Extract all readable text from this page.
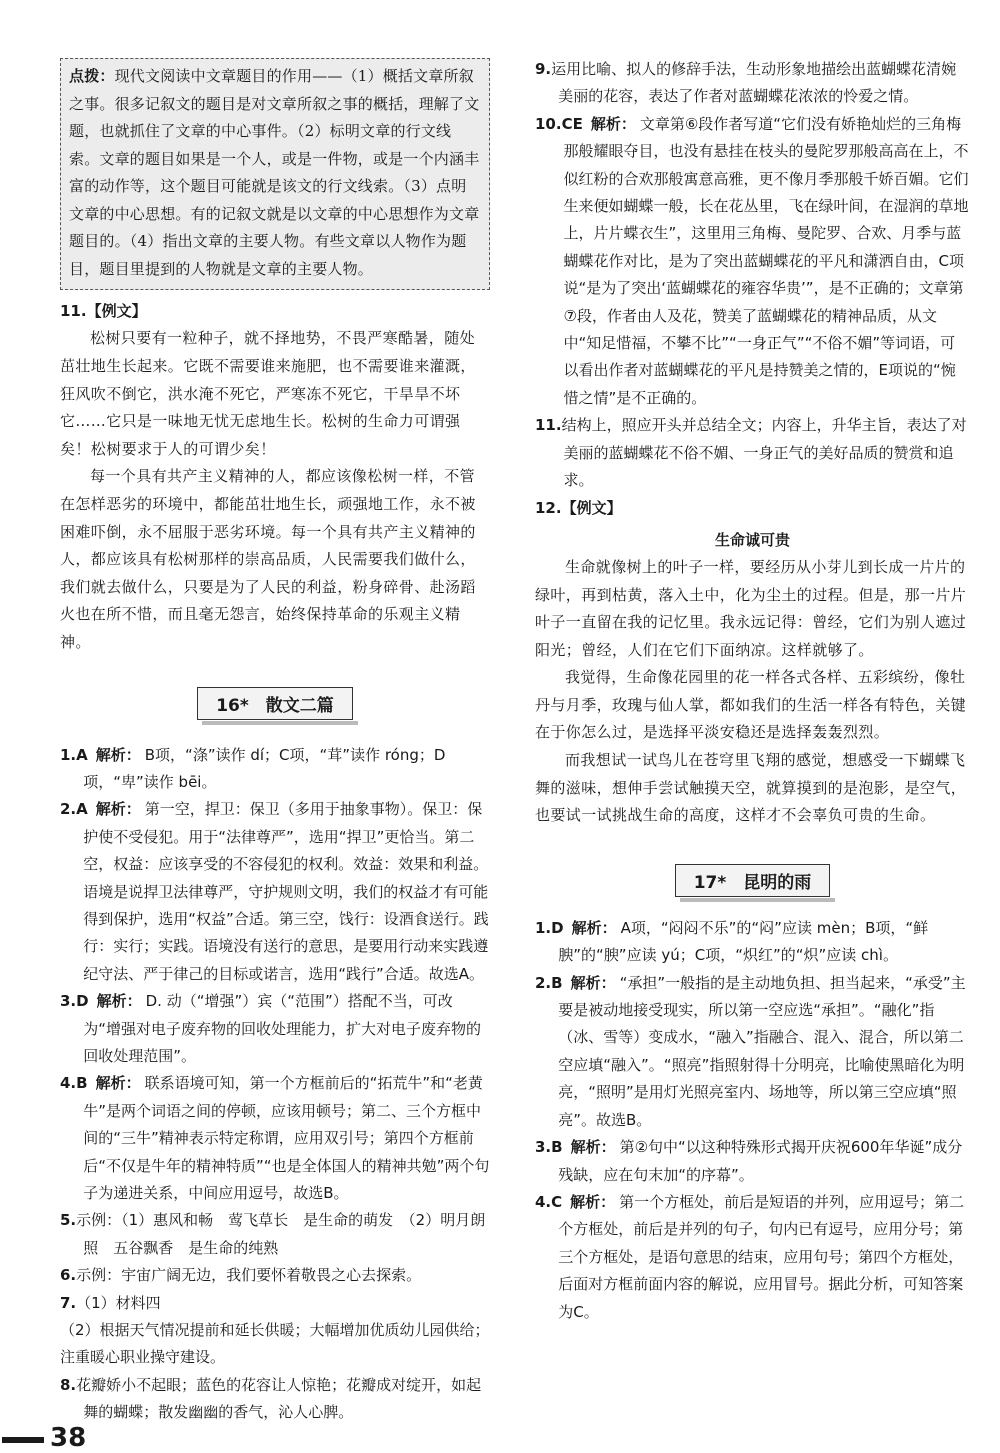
点拨：现代文阅读中文章题目的作用——（1）概括文章所叙之事。很多记叙文的题目是对文章所叙之事的概括，理解了文题，也就抓住了文章的中心事件。（2）标明文章的行文线索。文章的题目如果是一个人，或是一件物，或是一个内涵丰富的动作等，这个题目可能就是该文的行文线索。（3）点明文章的中心思想。有的记叙文就是以文章的中心思想作为文章题目的。（4）指出文章的主要人物。有些文章以人物作为题目，题目里提到的人物就是文章的主要人物。

11.【例文】

松树只要有一粒种子，就不择地势，不畏严寒酷暑，随处茁壮地生长起来。它既不需要谁来施肥，也不需要谁来灌溉，狂风吹不倒它，洪水淹不死它，严寒冻不死它，干旱旱不坏它……它只是一味地无忧无虑地生长。松树的生命力可谓强矣！松树要求于人的可谓少矣！

每一个具有共产主义精神的人，都应该像松树一样，不管在怎样恶劣的环境中，都能茁壮地生长，顽强地工作，永不被困难吓倒，永不屈服于恶劣环境。每一个具有共产主义精神的人，都应该具有松树那样的崇高品质，人民需要我们做什么，我们就去做什么，只要是为了人民的利益，粉身碎骨、赴汤蹈火也在所不惜，而且毫无怨言，始终保持革命的乐观主义精神。

16*　散文二篇

1.A 解析： B项，“涤”读作 dí；C项，“茸”读作 róng；D项，“卑”读作 bēi。

2.A 解析： 第一空，捍卫：保卫（多用于抽象事物）。保卫：保护使不受侵犯。用于“法律尊严”，选用“捍卫”更恰当。第二空，权益：应该享受的不容侵犯的权利。效益：效果和利益。语境是说捍卫法律尊严，守护规则文明，我们的权益才有可能得到保护，选用“权益”合适。第三空，饯行：设酒食送行。践行：实行；实践。语境没有送行的意思，是要用行动来实践遵纪守法、严于律己的目标或诺言，选用“践行”合适。故选A。

3.D 解析： D. 动（“增强”）宾（“范围”）搭配不当，可改为“增强对电子废弃物的回收处理能力，扩大对电子废弃物的回收处理范围”。

4.B 解析： 联系语境可知，第一个方框前后的“拓荒牛”和“老黄牛”是两个词语之间的停顿，应该用顿号；第二、三个方框中间的“三牛”精神表示特定称谓，应用双引号；第四个方框前后“不仅是牛年的精神特质”“也是全体国人的精神共勉”两个句子为递进关系，中间应用逗号，故选B。

5.示例：（1）惠风和畅　莺飞草长　是生命的萌发　（2）明月朗照　五谷飘香　是生命的纯熟

6.示例：宇宙广阔无边，我们要怀着敬畏之心去探索。

7.（1）材料四

（2）根据天气情况提前和延长供暖；大幅增加优质幼儿园供给；注重暖心职业操守建设。

8.花瓣娇小不起眼；蓝色的花容让人惊艳；花瓣成对绽开，如起舞的蝴蝶；散发幽幽的香气，沁人心脾。

38

9.运用比喻、拟人的修辞手法，生动形象地描绘出蓝蝴蝶花清婉美丽的花容，表达了作者对蓝蝴蝶花浓浓的怜爱之情。

10.CE 解析： 文章第⑥段作者写道“它们没有娇艳灿烂的三角梅那般耀眼夺目，也没有悬挂在枝头的曼陀罗那般高高在上，不似红粉的合欢那般寓意高雅，更不像月季那般千娇百媚。它们生来便如蝴蝶一般，长在花丛里，飞在绿叶间，在湿润的草地上，片片蝶衣生”，这里用三角梅、曼陀罗、合欢、月季与蓝蝴蝶花作对比，是为了突出蓝蝴蝶花的平凡和潇洒自由，C项说“是为了突出‘蓝蝴蝶花的雍容华贵’”，是不正确的；文章第⑦段，作者由人及花，赞美了蓝蝴蝶花的精神品质，从文中“知足惜福，不攀不比”“一身正气”“不俗不媚”等词语，可以看出作者对蓝蝴蝶花的平凡是持赞美之情的，E项说的“惋惜之情”是不正确的。

11.结构上，照应开头并总结全文；内容上，升华主旨，表达了对美丽的蓝蝴蝶花不俗不媚、一身正气的美好品质的赞赏和追求。

12.【例文】

生命诚可贵

生命就像树上的叶子一样，要经历从小芽儿到长成一片片的绿叶，再到枯黄，落入土中，化为尘土的过程。但是，那一片片叶子一直留在我的记忆里。我永远记得：曾经，它们为别人遮过阳光；曾经，人们在它们下面纳凉。这样就够了。

我觉得，生命像花园里的花一样各式各样、五彩缤纷，像牡丹与月季，玫瑰与仙人掌，都如我们的生活一样各有特色，关键在于你怎么过，是选择平淡安稳还是选择轰轰烈烈。

而我想试一试鸟儿在苍穹里飞翔的感觉，想感受一下蝴蝶飞舞的滋味，想伸手尝试触摸天空，就算摸到的是泡影，是空气，也要试一试挑战生命的高度，这样才不会辜负可贵的生命。

17*　昆明的雨

1.D 解析： A项，“闷闷不乐”的“闷”应读 mèn；B项，“鲜腴”的“腴”应读 yú；C项，“炽红”的“炽”应读 chì。

2.B 解析： “承担”一般指的是主动地负担、担当起来，“承受”主要是被动地接受现实，所以第一空应选“承担”。“融化”指（冰、雪等）变成水，“融入”指融合、混入、混合，所以第二空应填“融入”。“照亮”指照射得十分明亮，比喻使黑暗化为明亮，“照明”是用灯光照亮室内、场地等，所以第三空应填“照亮”。故选B。

3.B 解析： 第②句中“以这种特殊形式揭开庆祝600年华诞”成分残缺，应在句末加“的序幕”。

4.C 解析： 第一个方框处，前后是短语的并列，应用逗号；第二个方框处，前后是并列的句子，句内已有逗号，应用分号；第三个方框处，是语句意思的结束，应用句号；第四个方框处，后面对方框前面内容的解说，应用冒号。据此分析，可知答案为C。
